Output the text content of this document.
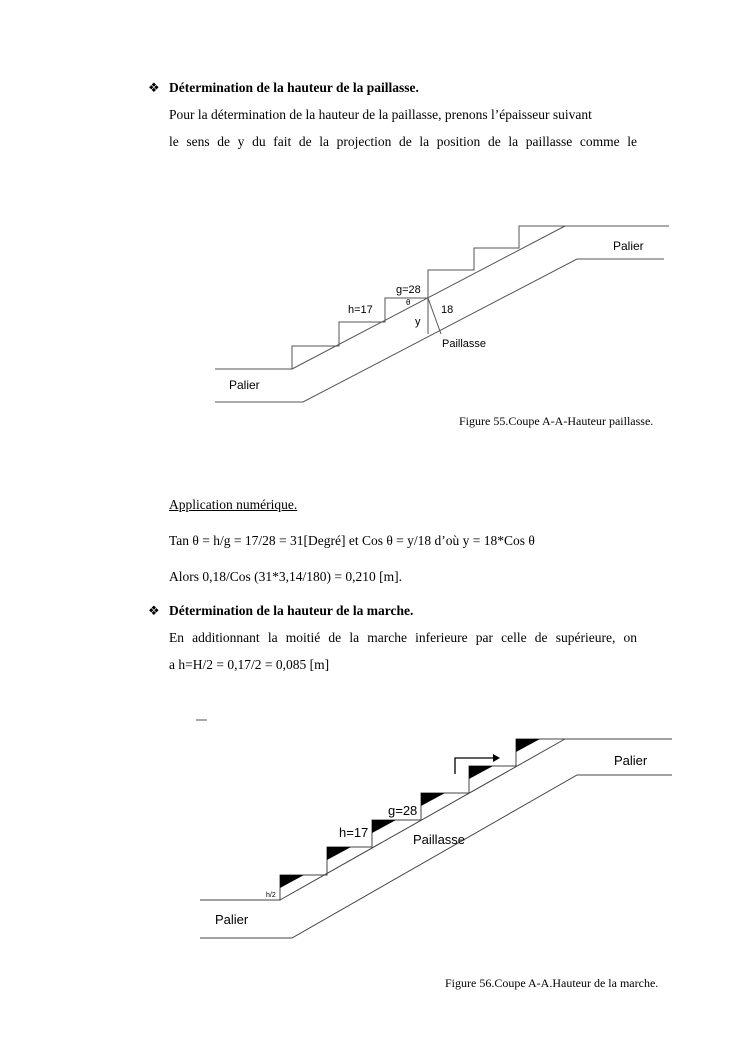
❖ Détermination de la hauteur de la paillasse.
Pour la détermination de la hauteur de la paillasse, prenons l’épaisseur suivant
le sens de y du fait de la projection de la position de la paillasse comme le
Palier
Palier
g=28
h=17
θ
y
18
Paillasse
Figure 55.Coupe A-A-Hauteur paillasse.
Application numérique.
Tan θ = h/g = 17/28 = 31[Degré] et Cos θ = y/18 d’où y = 18*Cos θ
Alors 0,18/Cos (31*3,14/180) = 0,210 [m].
❖ Détermination de la hauteur de la marche.
En additionnant la moitié de la marche inferieure par celle de supérieure, on
a h=H/2 = 0,17/2 = 0,085 [m]
Palier
Palier
g=28
h=17	Paillasse
h/2
Figure 56.Coupe A-A.Hauteur de la marche.
